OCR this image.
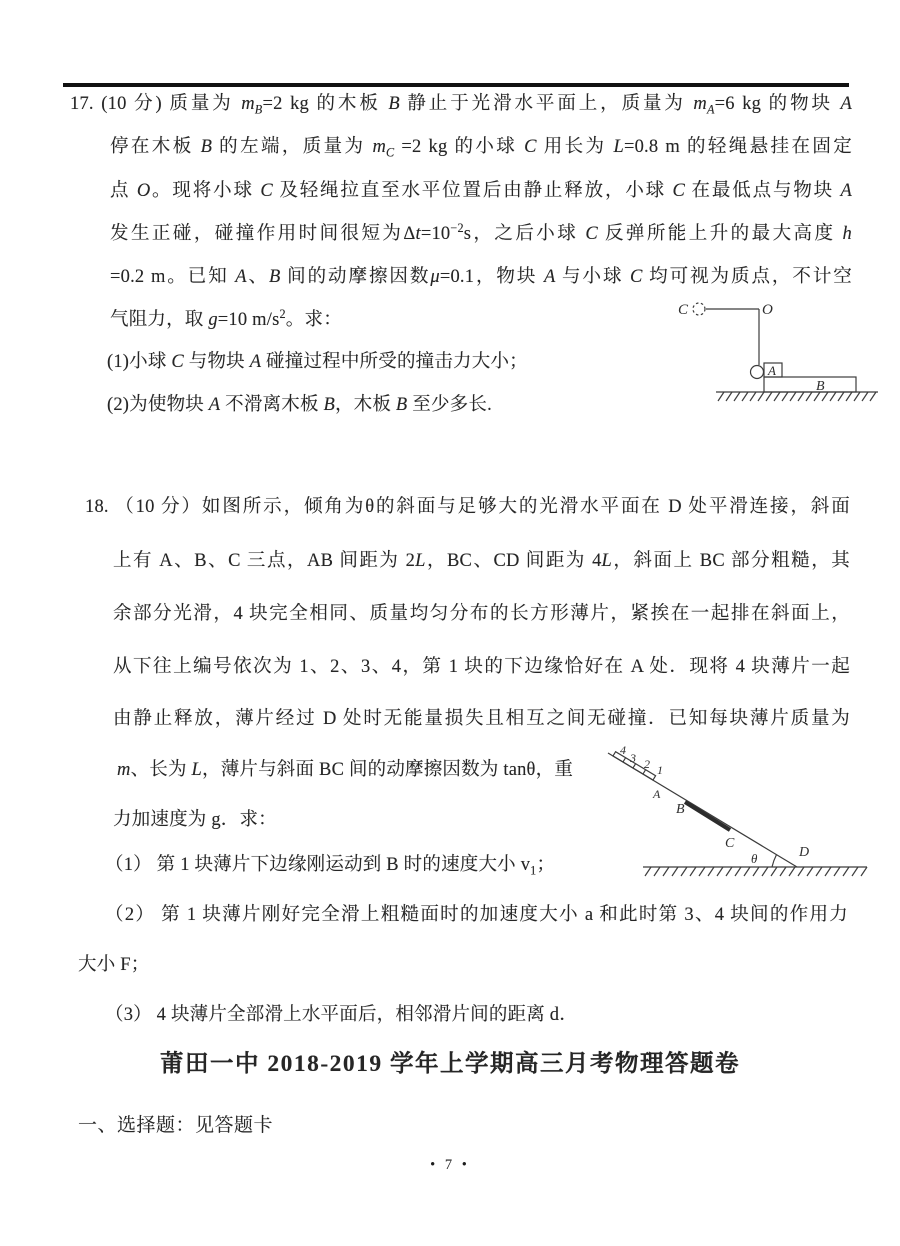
17. (10 分) 质量为 $m_B=2$ kg 的木板 B 静止于光滑水平面上，质量为 $m_A=6$ kg 的物块 A
停在木板 B 的左端，质量为 $m_C =2$ kg 的小球 C 用长为 L=0.8 m 的轻绳悬挂在固定
点 O。现将小球 C 及轻绳拉直至水平位置后由静止释放，小球 C 在最低点与物块 A
发生正碰，碰撞作用时间很短为$\Delta t=10^{-2}s$，之后小球 C 反弹所能上升的最大高度 h
=0.2 m。已知 A、B 间的动摩擦因数μ=0.1，物块 A 与小球 C 均可视为质点，不计空
气阻力，取 g=10 $m/s^2$。求：
(1)小球 C 与物块 A 碰撞过程中所受的撞击力大小；
(2)为使物块 A 不滑离木板 B，木板 B 至少多长.
C	O
A
B
18. （10 分）如图所示，倾角为θ的斜面与足够大的光滑水平面在 D 处平滑连接，斜面
上有 A、B、C 三点，AB 间距为 2L，BC、CD 间距为 4L，斜面上 BC 部分粗糙，其
余部分光滑，4 块完全相同、质量均匀分布的长方形薄片，紧挨在一起排在斜面上，
从下往上编号依次为 1、2、3、4，第 1 块的下边缘恰好在 A 处．现将 4 块薄片一起
由静止释放，薄片经过 D 处时无能量损失且相互之间无碰撞．已知每块薄片质量为
m、长为 L，薄片与斜面 BC 间的动摩擦因数为 tanθ，重
力加速度为 g．求：
（1） 第 1 块薄片下边缘刚运动到 B 时的速度大小 $v_1$；
（2） 第 1 块薄片刚好完全滑上粗糙面时的加速度大小 a 和此时第 3、4 块间的作用力
大小 F；
（3） 4 块薄片全部滑上水平面后，相邻滑片间的距离 d．
4
3 2 1
A
B
C
θ	D
莆田一中 2018-2019 学年上学期高三月考物理答题卷
一、选择题：见答题卡
• 7 •
